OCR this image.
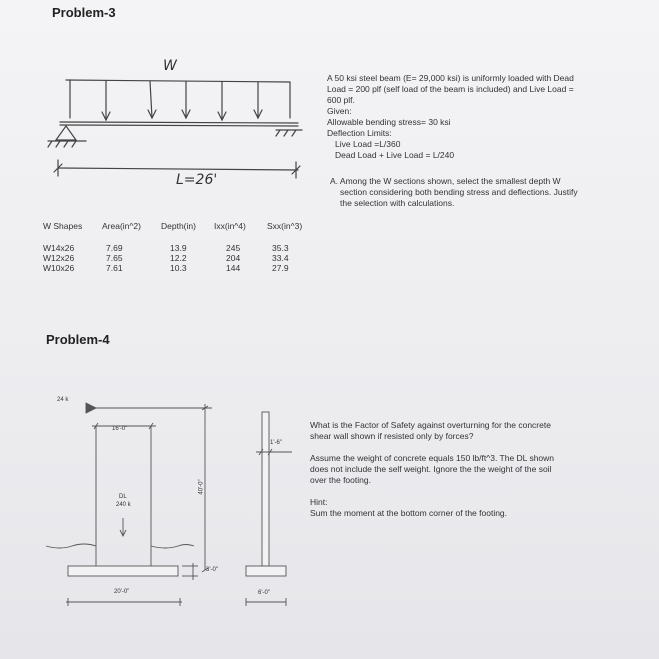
Problem-3
W
L=26'
A 50 ksi steel beam (E= 29,000 ksi) is uniformly loaded with Dead
Load = 200 plf (self load of the beam is included) and Live Load =
600 plf.
Given:
Allowable bending stress= 30 ksi
Deflection Limits:
Live Load =L/360
Dead Load + Live Load = L/240
A. Among the W sections shown, select the smallest depth W
section considering both bending stress and deflections. Justify
the selection with calculations.
W Shapes Area(in^2) Depth(in) Ixx(in^4) Sxx(in^3)
W14x26	7.69	13.9	245	35.3
W12x26	7.65	12.2	204	33.4
W10x26	7.61	10.3	144	27.9
Problem-4
24 k
16'-0"
1'-6"
40'-0"
DL
240 k
3'-0"
20'-0"	6'-0"
What is the Factor of Safety against overturning for the concrete
shear wall shown if resisted only by forces?
Assume the weight of concrete equals 150 lb/ft^3. The DL shown
does not include the self weight. Ignore the the weight of the soil
over the footing.
Hint:
Sum the moment at the bottom corner of the footing.
